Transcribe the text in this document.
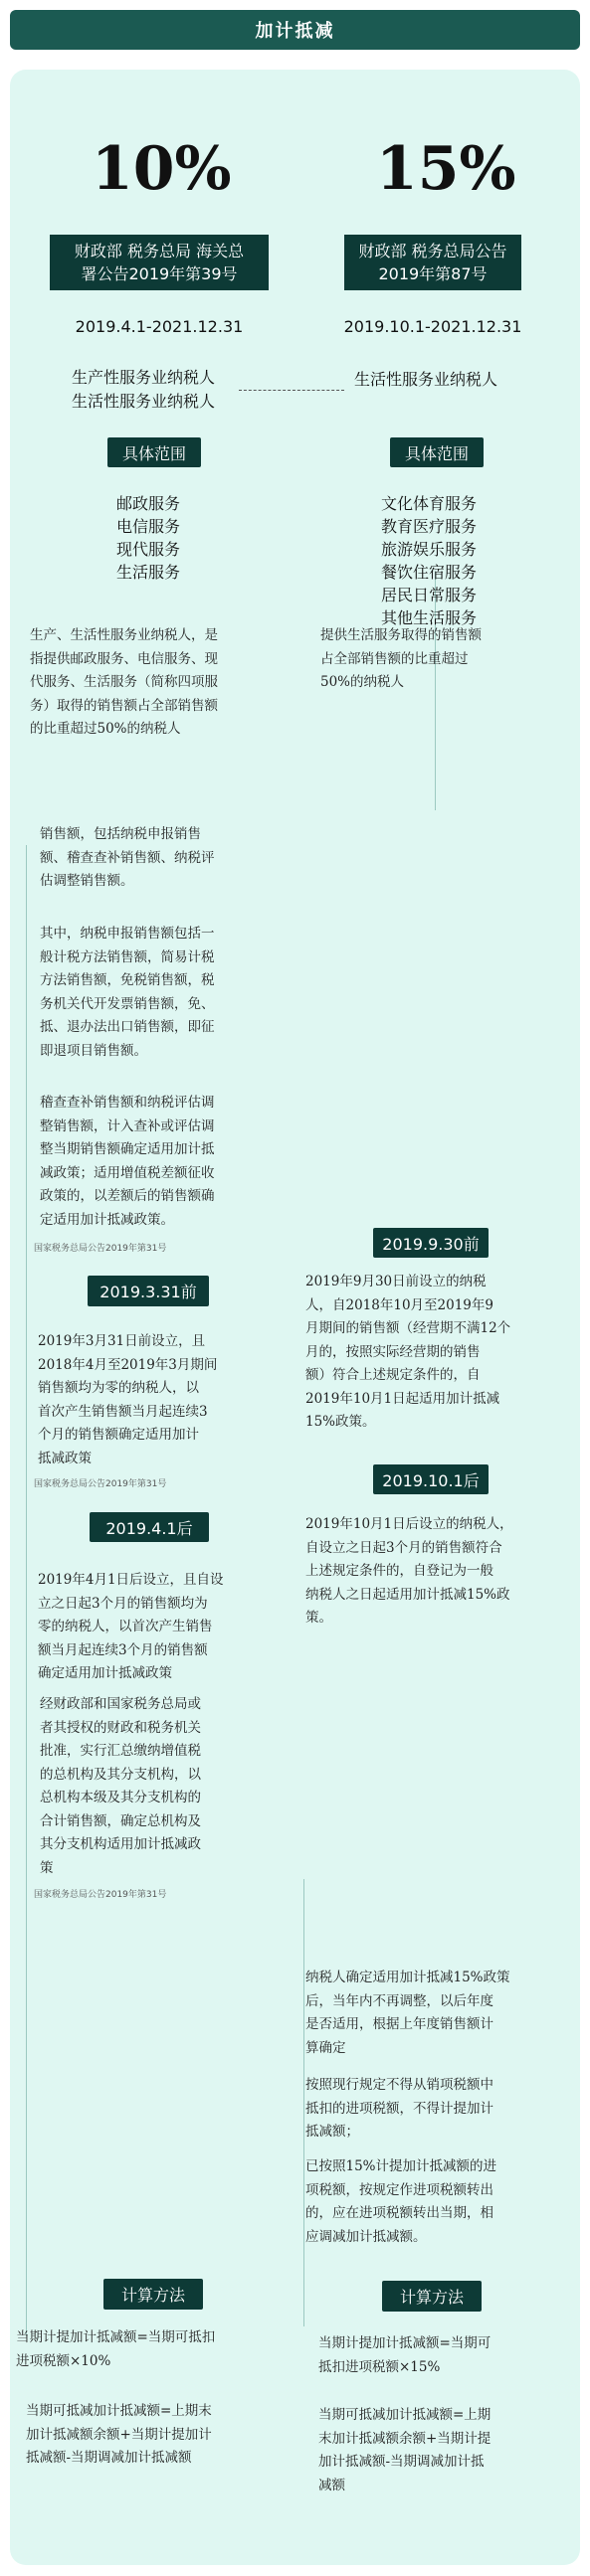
加计抵减
10%
财政部 税务总局 海关总
署公告2019年第39号
2019.4.1-2021.12.31
生产性服务业纳税人
生活性服务业纳税人
具体范围
邮政服务
电信服务
现代服务
生活服务
生产、生活性服务业纳税人，是
指提供邮政服务、电信服务、现
代服务、生活服务（简称四项服
务）取得的销售额占全部销售额
的比重超过50%的纳税人
销售额，包括纳税申报销售
额、稽查查补销售额、纳税评
估调整销售额。
其中，纳税申报销售额包括一
般计税方法销售额，简易计税
方法销售额，免税销售额，税
务机关代开发票销售额，免、
抵、退办法出口销售额，即征
即退项目销售额。
稽查查补销售额和纳税评估调
整销售额，计入查补或评估调
整当期销售额确定适用加计抵
减政策；适用增值税差额征收
政策的，以差额后的销售额确
定适用加计抵减政策。
国家税务总局公告2019年第31号
2019.3.31前
2019年3月31日前设立，且
2018年4月至2019年3月期间
销售额均为零的纳税人，以
首次产生销售额当月起连续3
个月的销售额确定适用加计
抵减政策
国家税务总局公告2019年第31号
2019.4.1后
2019年4月1日后设立，且自设
立之日起3个月的销售额均为
零的纳税人，以首次产生销售
额当月起连续3个月的销售额
确定适用加计抵减政策
经财政部和国家税务总局或
者其授权的财政和税务机关
批准，实行汇总缴纳增值税
的总机构及其分支机构，以
总机构本级及其分支机构的
合计销售额，确定总机构及
其分支机构适用加计抵减政
策
国家税务总局公告2019年第31号
计算方法
当期计提加计抵减额=当期可抵扣
进项税额×10%
当期可抵减加计抵减额=上期末
加计抵减额余额+当期计提加计
抵减额-当期调减加计抵减额
15%
财政部 税务总局公告
2019年第87号
2019.10.1-2021.12.31
生活性服务业纳税人
具体范围
文化体育服务
教育医疗服务
旅游娱乐服务
餐饮住宿服务
居民日常服务
其他生活服务
提供生活服务取得的销售额
占全部销售额的比重超过
50%的纳税人
2019.9.30前
2019年9月30日前设立的纳税
人，自2018年10月至2019年9
月期间的销售额（经营期不满12个
月的，按照实际经营期的销售
额）符合上述规定条件的，自
2019年10月1日起适用加计抵减
15%政策。
2019.10.1后
2019年10月1日后设立的纳税人，
自设立之日起3个月的销售额符合
上述规定条件的，自登记为一般
纳税人之日起适用加计抵减15%政
策。
纳税人确定适用加计抵减15%政策
后，当年内不再调整，以后年度
是否适用，根据上年度销售额计
算确定
按照现行规定不得从销项税额中
抵扣的进项税额，不得计提加计
抵减额；
已按照15%计提加计抵减额的进
项税额，按规定作进项税额转出
的，应在进项税额转出当期，相
应调减加计抵减额。
计算方法
当期计提加计抵减额=当期可
抵扣进项税额×15%
当期可抵减加计抵减额=上期
末加计抵减额余额+当期计提
加计抵减额-当期调减加计抵
减额
